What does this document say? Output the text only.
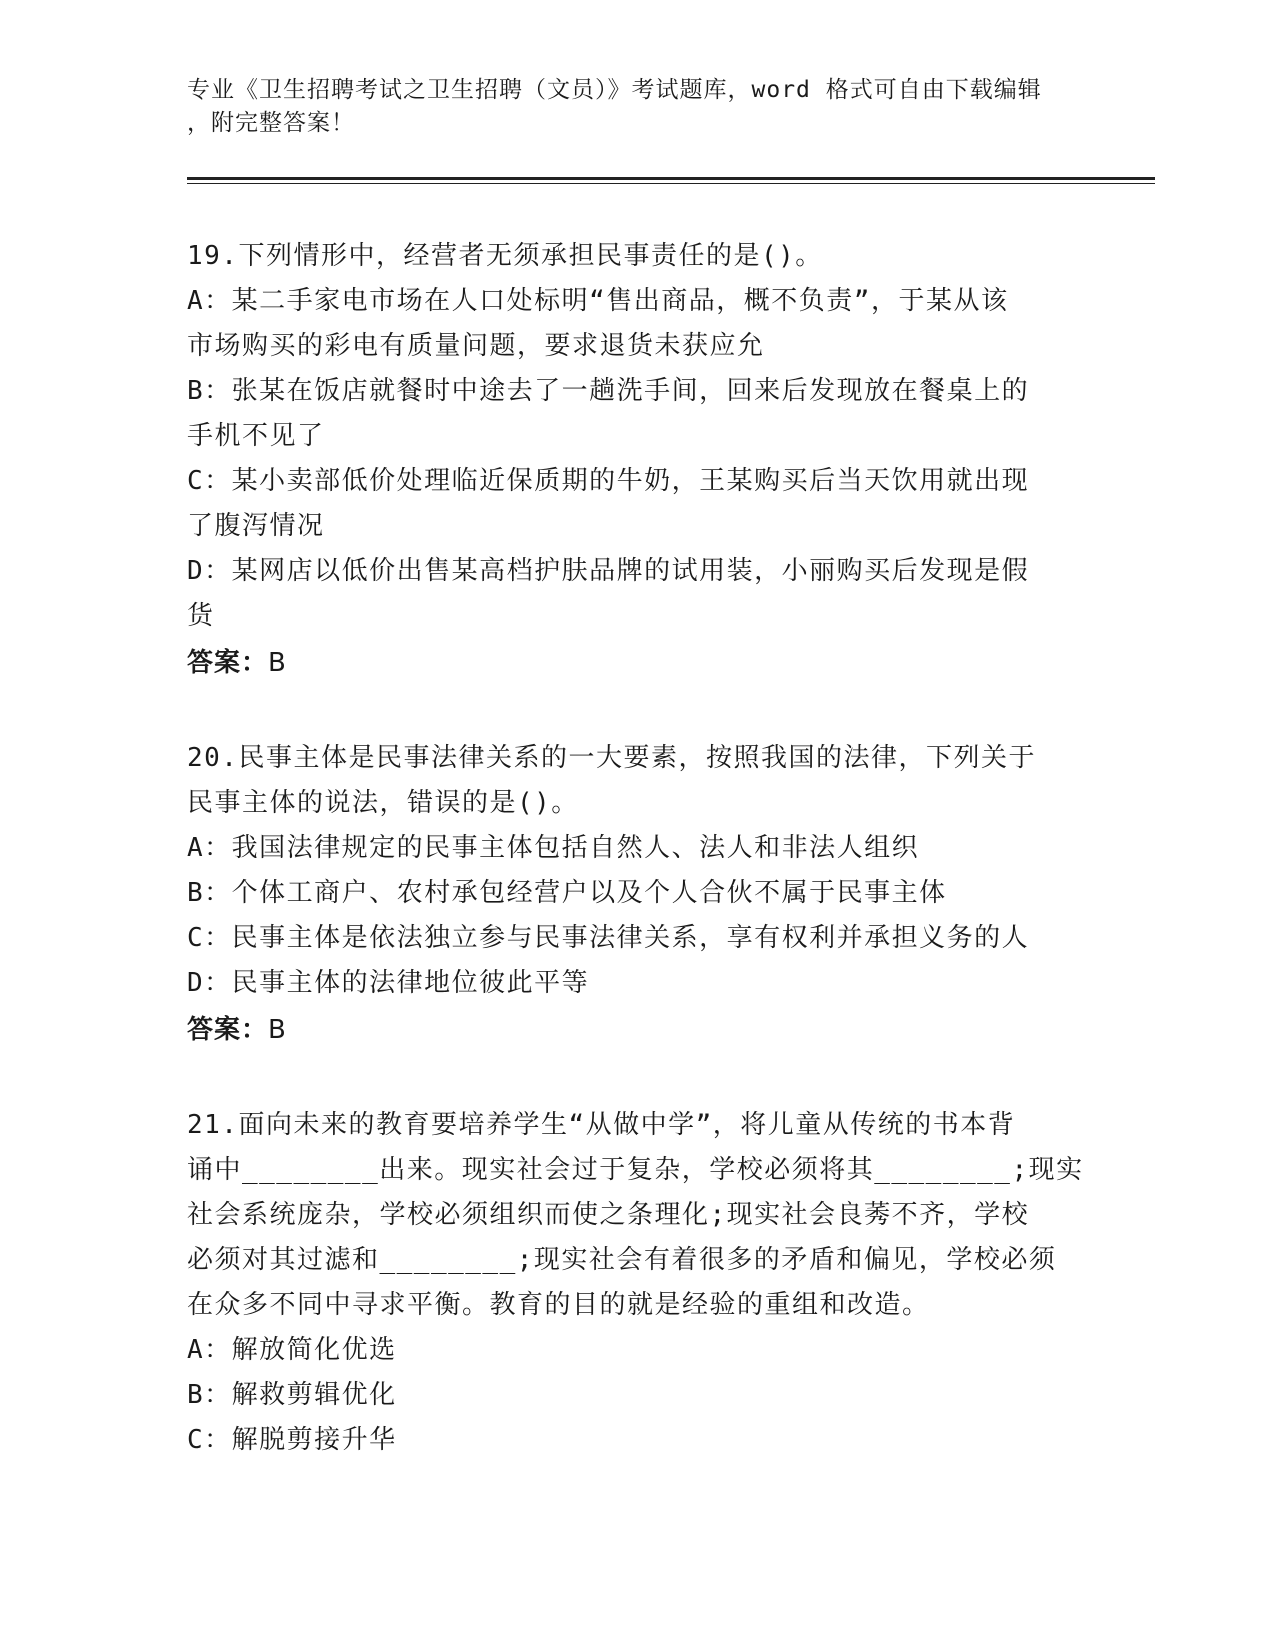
专业《卫生招聘考试之卫生招聘（文员）》考试题库，word 格式可自由下载编辑
，附完整答案！
19.下列情形中，经营者无须承担民事责任的是()。
A：某二手家电市场在人口处标明“售出商品，概不负责”，于某从该
市场购买的彩电有质量问题，要求退货未获应允
B：张某在饭店就餐时中途去了一趟洗手间，回来后发现放在餐桌上的
手机不见了
C：某小卖部低价处理临近保质期的牛奶，王某购买后当天饮用就出现
了腹泻情况
D：某网店以低价出售某高档护肤品牌的试用装，小丽购买后发现是假
货
答案：B
20.民事主体是民事法律关系的一大要素，按照我国的法律，下列关于
民事主体的说法，错误的是()。
A：我国法律规定的民事主体包括自然人、法人和非法人组织
B：个体工商户、农村承包经营户以及个人合伙不属于民事主体
C：民事主体是依法独立参与民事法律关系，享有权利并承担义务的人
D：民事主体的法律地位彼此平等
答案：B
21.面向未来的教育要培养学生“从做中学”，将儿童从传统的书本背
诵中________出来。现实社会过于复杂，学校必须将其________;现实
社会系统庞杂，学校必须组织而使之条理化;现实社会良莠不齐，学校
必须对其过滤和________;现实社会有着很多的矛盾和偏见，学校必须
在众多不同中寻求平衡。教育的目的就是经验的重组和改造。
A：解放简化优选
B：解救剪辑优化
C：解脱剪接升华
